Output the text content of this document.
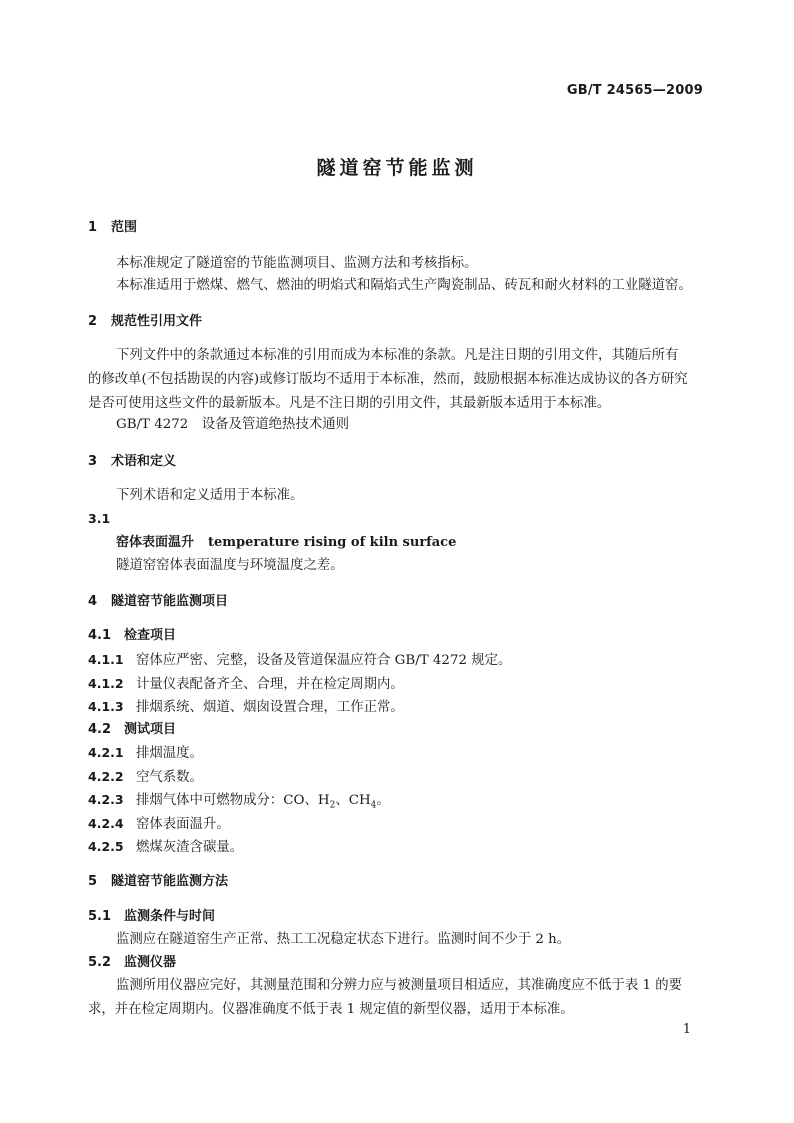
GB/T 24565—2009
隧道窑节能监测
1 范围
本标准规定了隧道窑的节能监测项目、监测方法和考核指标。
本标准适用于燃煤、燃气、燃油的明焰式和隔焰式生产陶瓷制品、砖瓦和耐火材料的工业隧道窑。
2 规范性引用文件
下列文件中的条款通过本标准的引用而成为本标准的条款。凡是注日期的引用文件，其随后所有
的修改单(不包括勘误的内容)或修订版均不适用于本标准，然而，鼓励根据本标准达成协议的各方研究
是否可使用这些文件的最新版本。凡是不注日期的引用文件，其最新版本适用于本标准。
GB/T 4272　设备及管道绝热技术通则
3 术语和定义
下列术语和定义适用于本标准。
3.1
窑体表面温升 temperature rising of kiln surface
隧道窑窑体表面温度与环境温度之差。
4 隧道窑节能监测项目
4.1 检查项目
4.1.1 窑体应严密、完整，设备及管道保温应符合 GB/T 4272 规定。
4.1.2 计量仪表配备齐全、合理，并在检定周期内。
4.1.3 排烟系统、烟道、烟囱设置合理，工作正常。
4.2 测试项目
4.2.1 排烟温度。
4.2.2 空气系数。
4.2.3 排烟气体中可燃物成分：CO、$H_2$、$CH_4$。
4.2.4 窑体表面温升。
4.2.5 燃煤灰渣含碳量。
5 隧道窑节能监测方法
5.1 监测条件与时间
监测应在隧道窑生产正常、热工工况稳定状态下进行。监测时间不少于 2 h。
5.2 监测仪器
监测所用仪器应完好，其测量范围和分辨力应与被测量项目相适应，其准确度应不低于表 1 的要
求，并在检定周期内。仪器准确度不低于表 1 规定值的新型仪器，适用于本标准。
1
